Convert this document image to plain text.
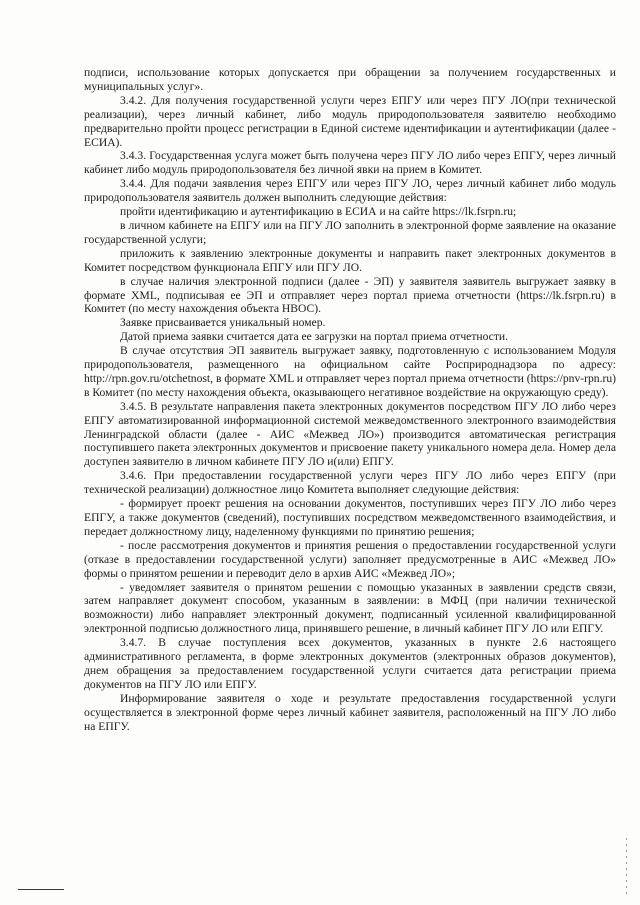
подписи, использование которых допускается при обращении за получением государственных и муниципальных услуг».

3.4.2. Для получения государственной услуги через ЕПГУ или через ПГУ ЛО(при технической реализации), через личный кабинет, либо модуль природопользователя заявителю необходимо предварительно пройти процесс регистрации в Единой системе идентификации и аутентификации (далее - ЕСИА).

3.4.3. Государственная услуга может быть получена через ПГУ ЛО либо через ЕПГУ, через личный кабинет либо модуль природопользователя без личной явки на прием в Комитет.

3.4.4. Для подачи заявления через ЕПГУ или через ПГУ ЛО, через личный кабинет либо модуль природопользователя заявитель должен выполнить следующие действия:

пройти идентификацию и аутентификацию в ЕСИА и на сайте https://lk.fsrpn.ru;

в личном кабинете на ЕПГУ или на ПГУ ЛО заполнить в электронной форме заявление на оказание государственной услуги;

приложить к заявлению электронные документы и направить пакет электронных документов в Комитет посредством функционала ЕПГУ или ПГУ ЛО.

в случае наличия электронной подписи (далее - ЭП) у заявителя заявитель выгружает заявку в формате XML, подписывая ее ЭП и отправляет через портал приема отчетности (https://lk.fsrpn.ru) в Комитет (по месту нахождения объекта НВОС).

Заявке присваивается уникальный номер.

Датой приема заявки считается дата ее загрузки на портал приема отчетности.

В случае отсутствия ЭП заявитель выгружает заявку, подготовленную с использованием Модуля природопользователя, размещенного на официальном сайте Росприроднадзора по адресу: http://rpn.gov.ru/otchetnost, в формате XML и отправляет через портал приема отчетности (https://pnv-rpn.ru) в Комитет (по месту нахождения объекта, оказывающего негативное воздействие на окружающую среду).

3.4.5. В результате направления пакета электронных документов посредством ПГУ ЛО либо через ЕПГУ автоматизированной информационной системой межведомственного электронного взаимодействия Ленинградской области (далее - АИС «Межвед ЛО») производится автоматическая регистрация поступившего пакета электронных документов и присвоение пакету уникального номера дела. Номер дела доступен заявителю в личном кабинете ПГУ ЛО и(или) ЕПГУ.

3.4.6. При предоставлении государственной услуги через ПГУ ЛО либо через ЕПГУ (при технической реализации) должностное лицо Комитета выполняет следующие действия:

- формирует проект решения на основании документов, поступивших через ПГУ ЛО либо через ЕПГУ, а также документов (сведений), поступивших посредством межведомственного взаимодействия, и передает должностному лицу, наделенному функциями по принятию решения;

- после рассмотрения документов и принятия решения о предоставлении государственной услуги (отказе в предоставлении государственной услуги) заполняет предусмотренные в АИС «Межвед ЛО» формы о принятом решении и переводит дело в архив АИС «Межвед ЛО»;

- уведомляет заявителя о принятом решении с помощью указанных в заявлении средств связи, затем направляет документ способом, указанным в заявлении: в МФЦ (при наличии технической возможности) либо направляет электронный документ, подписанный усиленной квалифицированной электронной подписью должностного лица, принявшего решение, в личный кабинет ПГУ ЛО или ЕПГУ.

3.4.7. В случае поступления всех документов, указанных в пункте 2.6 настоящего административного регламента, в форме электронных документов (электронных образов документов), днем обращения за предоставлением государственной услуги считается дата регистрации приема документов на ПГУ ЛО или ЕПГУ.

Информирование заявителя о ходе и результате предоставления государственной услуги осуществляется в электронной форме через личный кабинет заявителя, расположенный на ПГУ ЛО либо на ЕПГУ.
